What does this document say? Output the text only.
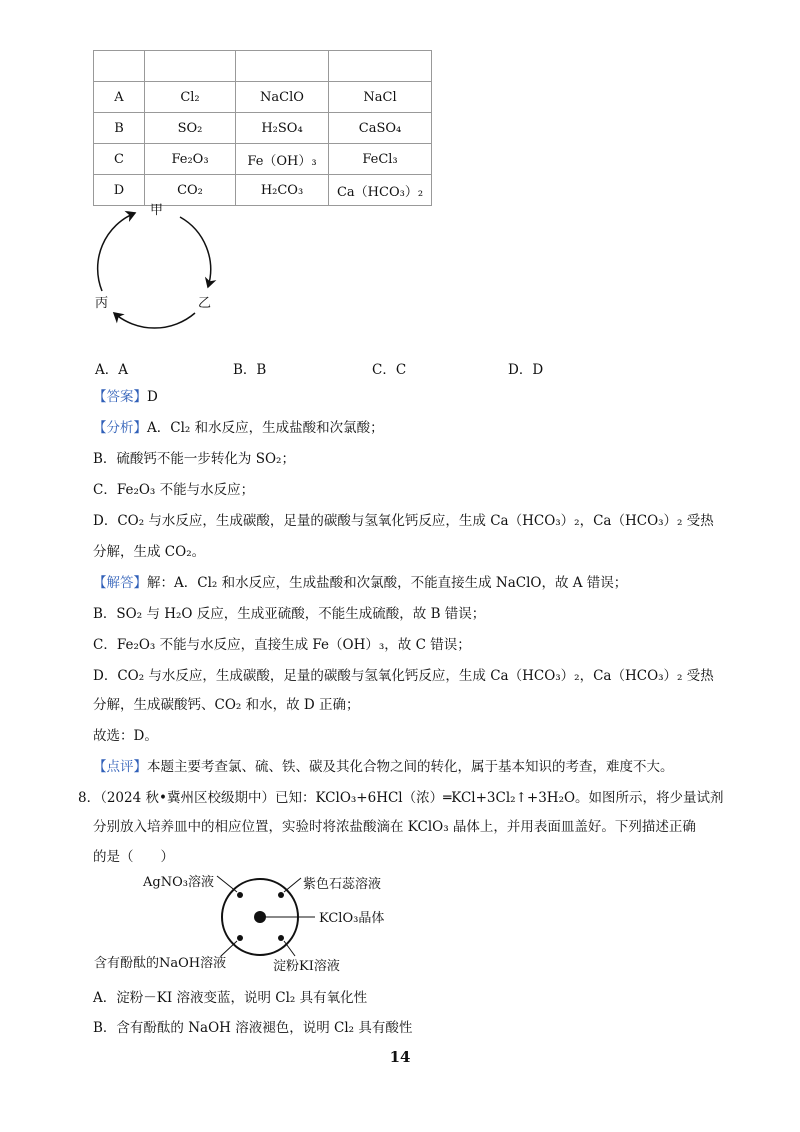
A	Cl₂	NaClO	NaCl
B	SO₂	H₂SO₄	CaSO₄
C	Fe₂O₃	Fe（OH）₃	FeCl₃
D	CO₂	H₂CO₃	Ca（HCO₃）₂
甲
乙
丙
A．A	B．B	C．C	D．D
【答案】D
【分析】A．Cl₂ 和水反应，生成盐酸和次氯酸；
B．硫酸钙不能一步转化为 SO₂；
C．Fe₂O₃ 不能与水反应；
D．CO₂ 与水反应，生成碳酸，足量的碳酸与氢氧化钙反应，生成 Ca（HCO₃）₂，Ca（HCO₃）₂ 受热
分解，生成 CO₂。
【解答】解：A．Cl₂ 和水反应，生成盐酸和次氯酸，不能直接生成 NaClO，故 A 错误；
B．SO₂ 与 H₂O 反应，生成亚硫酸，不能生成硫酸，故 B 错误；
C．Fe₂O₃ 不能与水反应，直接生成 Fe（OH）₃，故 C 错误；
D．CO₂ 与水反应，生成碳酸，足量的碳酸与氢氧化钙反应，生成 Ca（HCO₃）₂，Ca（HCO₃）₂ 受热
分解，生成碳酸钙、CO₂ 和水，故 D 正确；
故选：D。
【点评】本题主要考查氯、硫、铁、碳及其化合物之间的转化，属于基本知识的考查，难度不大。
8．（2024 秋•冀州区校级期中）已知：KClO₃+6HCl（浓）═KCl+3Cl₂↑+3H₂O。如图所示，将少量试剂
分别放入培养皿中的相应位置，实验时将浓盐酸滴在 KClO₃ 晶体上，并用表面皿盖好。下列描述正确
的是（　　）
AgNO₃溶液	紫色石蕊溶液
KClO₃晶体
含有酚酞的NaOH溶液	淀粉KI溶液
A．淀粉－KI 溶液变蓝，说明 Cl₂ 具有氧化性
B．含有酚酞的 NaOH 溶液褪色，说明 Cl₂ 具有酸性
14
